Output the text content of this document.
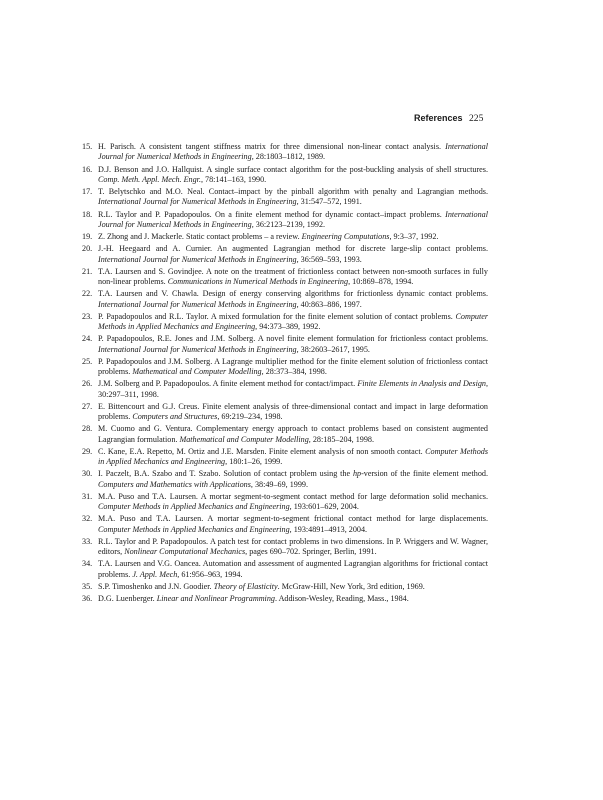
References 225
15. H. Parisch. A consistent tangent stiffness matrix for three dimensional non-linear contact analysis. International Journal for Numerical Methods in Engineering, 28:1803–1812, 1989.
16. D.J. Benson and J.O. Hallquist. A single surface contact algorithm for the post-buckling analysis of shell structures. Comp. Meth. Appl. Mech. Engr., 78:141–163, 1990.
17. T. Belytschko and M.O. Neal. Contact–impact by the pinball algorithm with penalty and Lagrangian methods. International Journal for Numerical Methods in Engineering, 31:547–572, 1991.
18. R.L. Taylor and P. Papadopoulos. On a finite element method for dynamic contact–impact problems. International Journal for Numerical Methods in Engineering, 36:2123–2139, 1992.
19. Z. Zhong and J. Mackerle. Static contact problems – a review. Engineering Computations, 9:3–37, 1992.
20. J.-H. Heegaard and A. Curnier. An augmented Lagrangian method for discrete large-slip contact problems. International Journal for Numerical Methods in Engineering, 36:569–593, 1993.
21. T.A. Laursen and S. Govindjee. A note on the treatment of frictionless contact between non-smooth surfaces in fully non-linear problems. Communications in Numerical Methods in Engineering, 10:869–878, 1994.
22. T.A. Laursen and V. Chawla. Design of energy conserving algorithms for frictionless dynamic contact problems. International Journal for Numerical Methods in Engineering, 40:863–886, 1997.
23. P. Papadopoulos and R.L. Taylor. A mixed formulation for the finite element solution of contact problems. Computer Methods in Applied Mechanics and Engineering, 94:373–389, 1992.
24. P. Papadopoulos, R.E. Jones and J.M. Solberg. A novel finite element formulation for frictionless contact problems. International Journal for Numerical Methods in Engineering, 38:2603–2617, 1995.
25. P. Papadopoulos and J.M. Solberg. A Lagrange multiplier method for the finite element solution of frictionless contact problems. Mathematical and Computer Modelling, 28:373–384, 1998.
26. J.M. Solberg and P. Papadopoulos. A finite element method for contact/impact. Finite Elements in Analysis and Design, 30:297–311, 1998.
27. E. Bittencourt and G.J. Creus. Finite element analysis of three-dimensional contact and impact in large deformation problems. Computers and Structures, 69:219–234, 1998.
28. M. Cuomo and G. Ventura. Complementary energy approach to contact problems based on consistent augmented Lagrangian formulation. Mathematical and Computer Modelling, 28:185–204, 1998.
29. C. Kane, E.A. Repetto, M. Ortiz and J.E. Marsden. Finite element analysis of non smooth contact. Computer Methods in Applied Mechanics and Engineering, 180:1–26, 1999.
30. I. Paczelt, B.A. Szabo and T. Szabo. Solution of contact problem using the hp-version of the finite element method. Computers and Mathematics with Applications, 38:49–69, 1999.
31. M.A. Puso and T.A. Laursen. A mortar segment-to-segment contact method for large deformation solid mechanics. Computer Methods in Applied Mechanics and Engineering, 193:601–629, 2004.
32. M.A. Puso and T.A. Laursen. A mortar segment-to-segment frictional contact method for large displacements. Computer Methods in Applied Mechanics and Engineering, 193:4891–4913, 2004.
33. R.L. Taylor and P. Papadopoulos. A patch test for contact problems in two dimensions. In P. Wriggers and W. Wagner, editors, Nonlinear Computational Mechanics, pages 690–702. Springer, Berlin, 1991.
34. T.A. Laursen and V.G. Oancea. Automation and assessment of augmented Lagrangian algorithms for frictional contact problems. J. Appl. Mech, 61:956–963, 1994.
35. S.P. Timoshenko and J.N. Goodier. Theory of Elasticity. McGraw-Hill, New York, 3rd edition, 1969.
36. D.G. Luenberger. Linear and Nonlinear Programming. Addison-Wesley, Reading, Mass., 1984.
